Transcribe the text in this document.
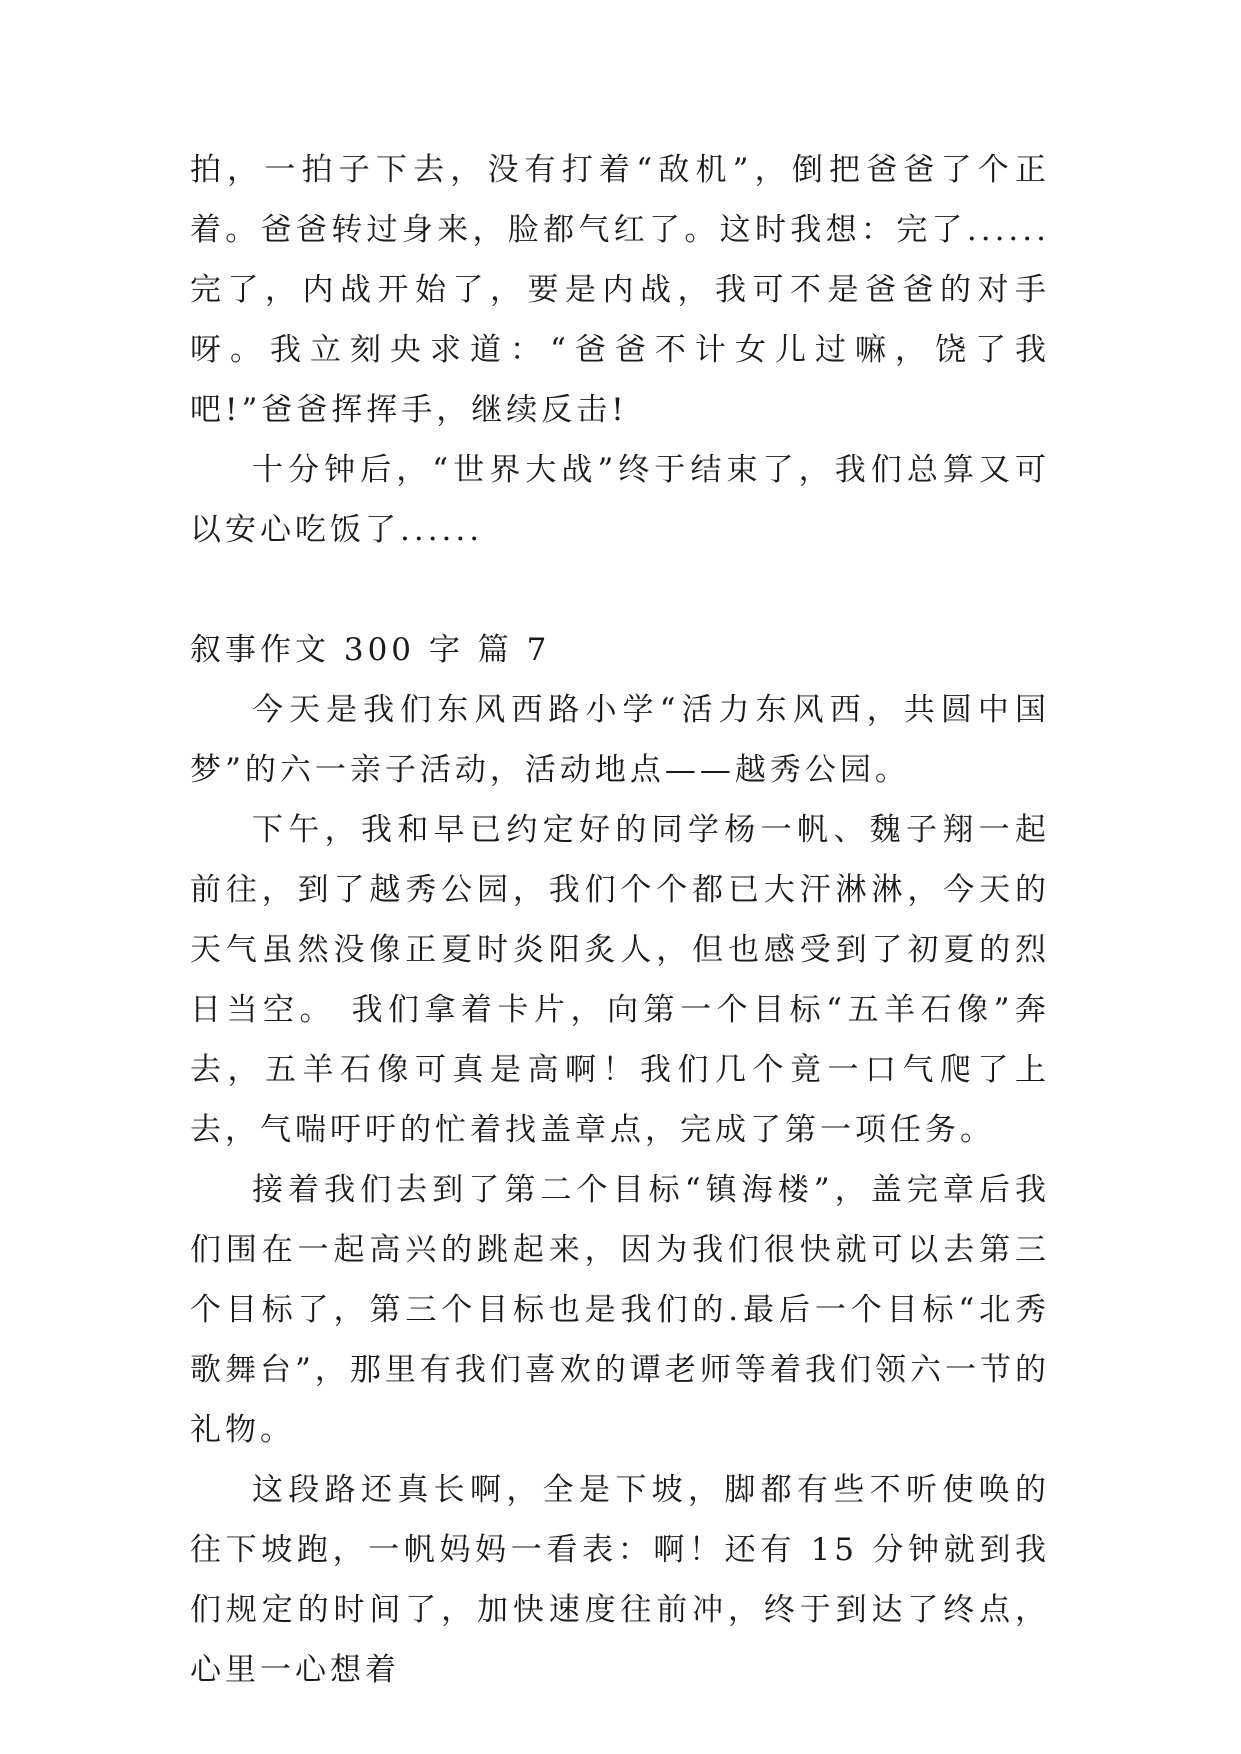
拍，一拍子下去，没有打着“敌机”，倒把爸爸了个正着。爸爸转过身来，脸都气红了。这时我想：完了......完了，内战开始了，要是内战，我可不是爸爸的对手呀。我立刻央求道：“爸爸不计女儿过嘛，饶了我吧!”爸爸挥挥手，继续反击!

十分钟后，“世界大战”终于结束了，我们总算又可以安心吃饭了......

叙事作文 300 字 篇 7

今天是我们东风西路小学“活力东风西，共圆中国梦”的六一亲子活动，活动地点——越秀公园。

下午，我和早已约定好的同学杨一帆、魏子翔一起前往，到了越秀公园，我们个个都已大汗淋淋，今天的天气虽然没像正夏时炎阳炙人，但也感受到了初夏的烈日当空。 我们拿着卡片，向第一个目标“五羊石像”奔去，五羊石像可真是高啊！我们几个竟一口气爬了上去，气喘吁吁的忙着找盖章点，完成了第一项任务。

接着我们去到了第二个目标“镇海楼”，盖完章后我们围在一起高兴的跳起来，因为我们很快就可以去第三个目标了，第三个目标也是我们的.最后一个目标“北秀歌舞台”，那里有我们喜欢的谭老师等着我们领六一节的礼物。

这段路还真长啊，全是下坡，脚都有些不听使唤的往下坡跑，一帆妈妈一看表：啊！还有 15 分钟就到我们规定的时间了，加快速度往前冲，终于到达了终点，心里一心想着
